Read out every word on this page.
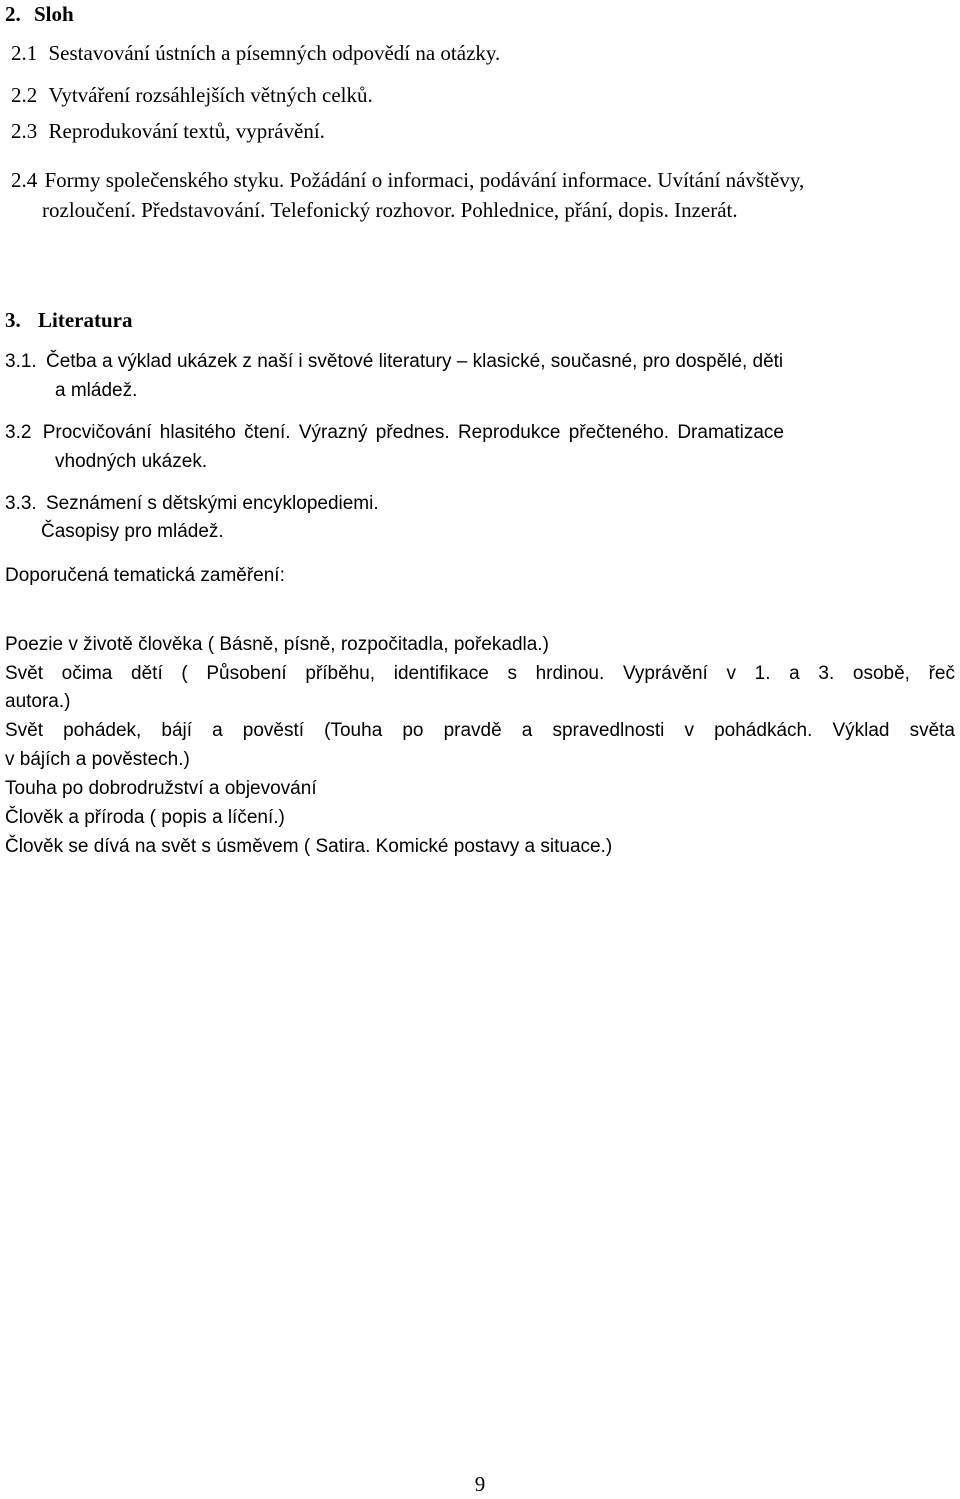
2. Sloh
2.1 Sestavování ústních a písemných odpovědí na otázky.
2.2 Vytváření rozsáhlejších větných celků.
2.3 Reprodukování textů, vyprávění.
2.4 Formy společenského styku. Požádání o informaci, podávání informace. Uvítání návštěvy,
rozloučení. Představování. Telefonický rozhovor. Pohlednice, přání, dopis. Inzerát.
3. Literatura
3.1. Četba a výklad ukázek z naší i světové literatury – klasické, současné, pro dospělé, děti
a mládež.
3.2 Procvičování hlasitého čtení. Výrazný přednes. Reprodukce přečteného. Dramatizace
vhodných ukázek.
3.3. Seznámení s dětskými encyklopediemi.
Časopisy pro mládež.
Doporučená tematická zaměření:
Poezie v životě člověka ( Básně, písně, rozpočitadla, pořekadla.)
Svět očima dětí ( Působení příběhu, identifikace s hrdinou. Vyprávění v 1. a 3. osobě, řeč
autora.)
Svět pohádek, bájí a pověstí (Touha po pravdě a spravedlnosti v pohádkách. Výklad světa
v bájích a pověstech.)
Touha po dobrodružství a objevování
Člověk a příroda ( popis a líčení.)
Člověk se dívá na svět s úsměvem ( Satira. Komické postavy a situace.)
9
